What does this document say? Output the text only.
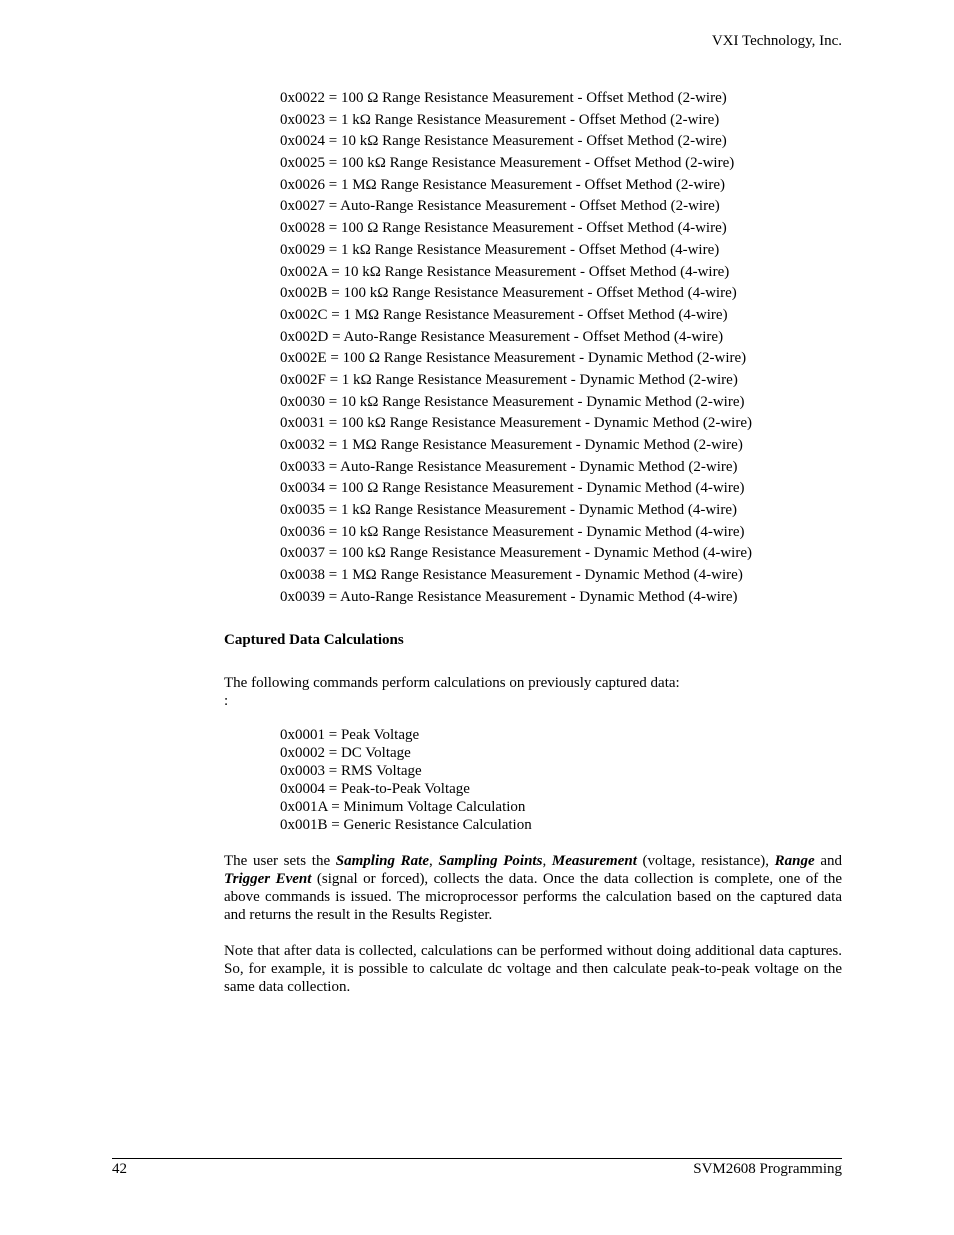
VXI Technology, Inc.
0x0022 = 100 Ω Range Resistance Measurement - Offset Method (2-wire)
0x0023 = 1 kΩ Range Resistance Measurement - Offset Method (2-wire)
0x0024 = 10 kΩ Range Resistance Measurement - Offset Method (2-wire)
0x0025 = 100 kΩ Range Resistance Measurement - Offset Method (2-wire)
0x0026 = 1 MΩ Range Resistance Measurement - Offset Method (2-wire)
0x0027 = Auto-Range Resistance Measurement - Offset Method (2-wire)
0x0028 = 100 Ω Range Resistance Measurement - Offset Method (4-wire)
0x0029 = 1 kΩ Range Resistance Measurement - Offset Method (4-wire)
0x002A = 10 kΩ Range Resistance Measurement - Offset Method (4-wire)
0x002B = 100 kΩ Range Resistance Measurement - Offset Method (4-wire)
0x002C = 1 MΩ Range Resistance Measurement - Offset Method (4-wire)
0x002D = Auto-Range Resistance Measurement - Offset Method (4-wire)
0x002E = 100 Ω Range Resistance Measurement - Dynamic Method (2-wire)
0x002F = 1 kΩ Range Resistance Measurement - Dynamic Method (2-wire)
0x0030 = 10 kΩ Range Resistance Measurement - Dynamic Method (2-wire)
0x0031 = 100 kΩ Range Resistance Measurement - Dynamic Method (2-wire)
0x0032 = 1 MΩ Range Resistance Measurement - Dynamic Method (2-wire)
0x0033 = Auto-Range Resistance Measurement - Dynamic Method (2-wire)
0x0034 = 100 Ω Range Resistance Measurement - Dynamic Method (4-wire)
0x0035 = 1 kΩ Range Resistance Measurement - Dynamic Method (4-wire)
0x0036 = 10 kΩ Range Resistance Measurement - Dynamic Method (4-wire)
0x0037 = 100 kΩ Range Resistance Measurement - Dynamic Method (4-wire)
0x0038 = 1 MΩ Range Resistance Measurement - Dynamic Method (4-wire)
0x0039 = Auto-Range Resistance Measurement - Dynamic Method (4-wire)
Captured Data Calculations
The following commands perform calculations on previously captured data:
:
0x0001 = Peak Voltage
0x0002 = DC Voltage
0x0003 = RMS Voltage
0x0004 = Peak-to-Peak Voltage
0x001A = Minimum Voltage Calculation
0x001B = Generic Resistance Calculation
The user sets the Sampling Rate, Sampling Points, Measurement (voltage, resistance), Range and Trigger Event (signal or forced), collects the data. Once the data collection is complete, one of the above commands is issued. The microprocessor performs the calculation based on the captured data and returns the result in the Results Register.
Note that after data is collected, calculations can be performed without doing additional data captures. So, for example, it is possible to calculate dc voltage and then calculate peak-to-peak voltage on the same data collection.
42	SVM2608 Programming
